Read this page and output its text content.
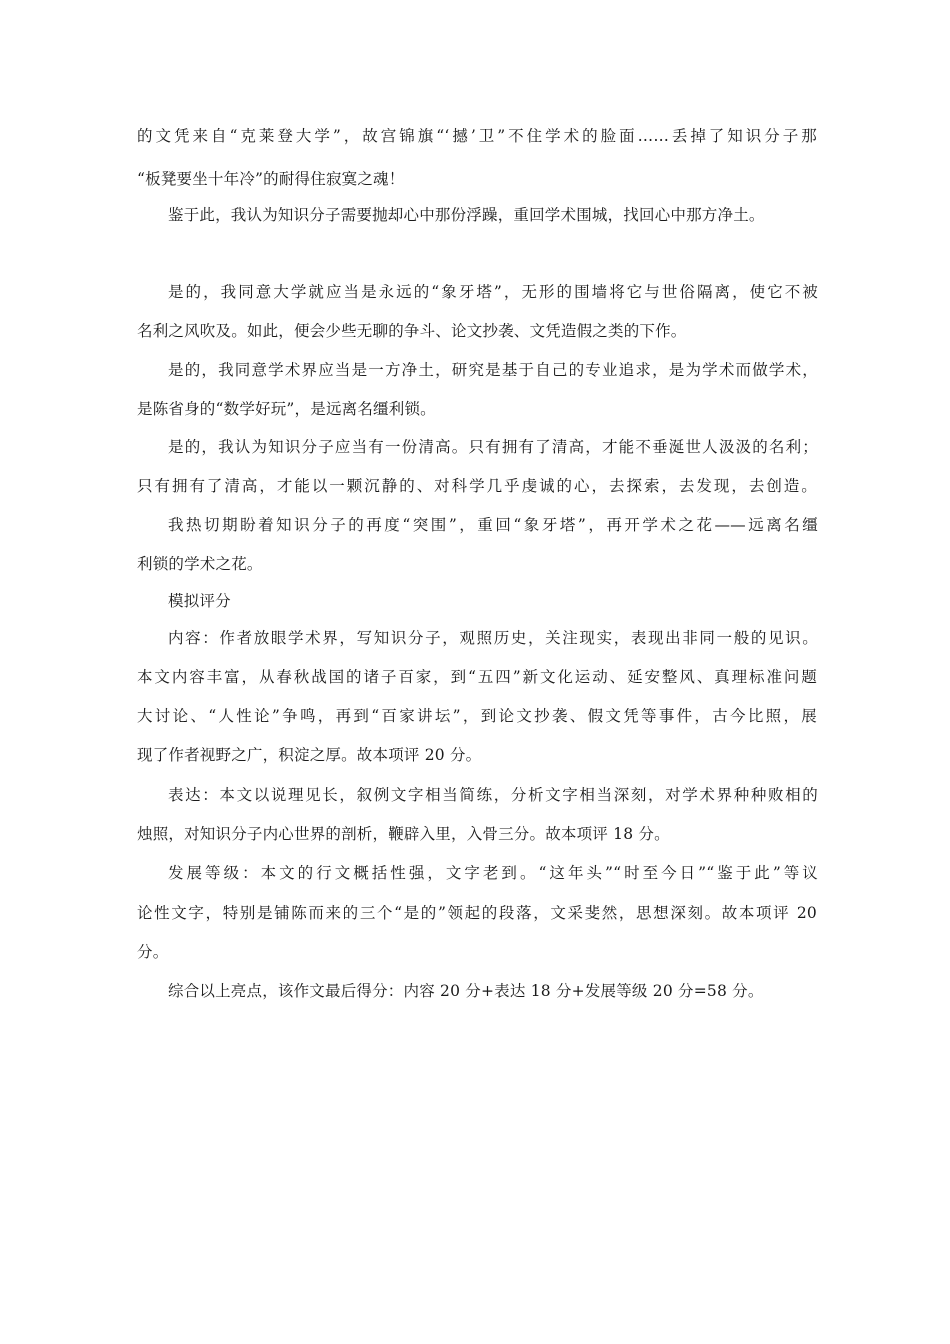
的文凭来自“克莱登大学”，故宫锦旗“‘撼’卫”不住学术的脸面……丢掉了知识分子那
“板凳要坐十年冷”的耐得住寂寞之魂！
鉴于此，我认为知识分子需要抛却心中那份浮躁，重回学术围城，找回心中那方净土。
是的，我同意大学就应当是永远的“象牙塔”，无形的围墙将它与世俗隔离，使它不被
名利之风吹及。如此，便会少些无聊的争斗、论文抄袭、文凭造假之类的下作。
是的，我同意学术界应当是一方净土，研究是基于自己的专业追求，是为学术而做学术，
是陈省身的“数学好玩”，是远离名缰利锁。
是的，我认为知识分子应当有一份清高。只有拥有了清高，才能不垂涎世人汲汲的名利；
只有拥有了清高，才能以一颗沉静的、对科学几乎虔诚的心，去探索，去发现，去创造。
我热切期盼着知识分子的再度“突围”，重回“象牙塔”，再开学术之花——远离名缰
利锁的学术之花。
模拟评分
内容：作者放眼学术界，写知识分子，观照历史，关注现实，表现出非同一般的见识。
本文内容丰富，从春秋战国的诸子百家，到“五四”新文化运动、延安整风、真理标准问题
大讨论、“人性论”争鸣，再到“百家讲坛”，到论文抄袭、假文凭等事件，古今比照，展
现了作者视野之广，积淀之厚。故本项评 20 分。
表达：本文以说理见长，叙例文字相当简练，分析文字相当深刻，对学术界种种败相的
烛照，对知识分子内心世界的剖析，鞭辟入里，入骨三分。故本项评 18 分。
发展等级：本文的行文概括性强，文字老到。“这年头”“时至今日”“鉴于此”等议
论性文字，特别是铺陈而来的三个“是的”领起的段落，文采斐然，思想深刻。故本项评 20
分。
综合以上亮点，该作文最后得分：内容 20 分+表达 18 分+发展等级 20 分=58 分。
